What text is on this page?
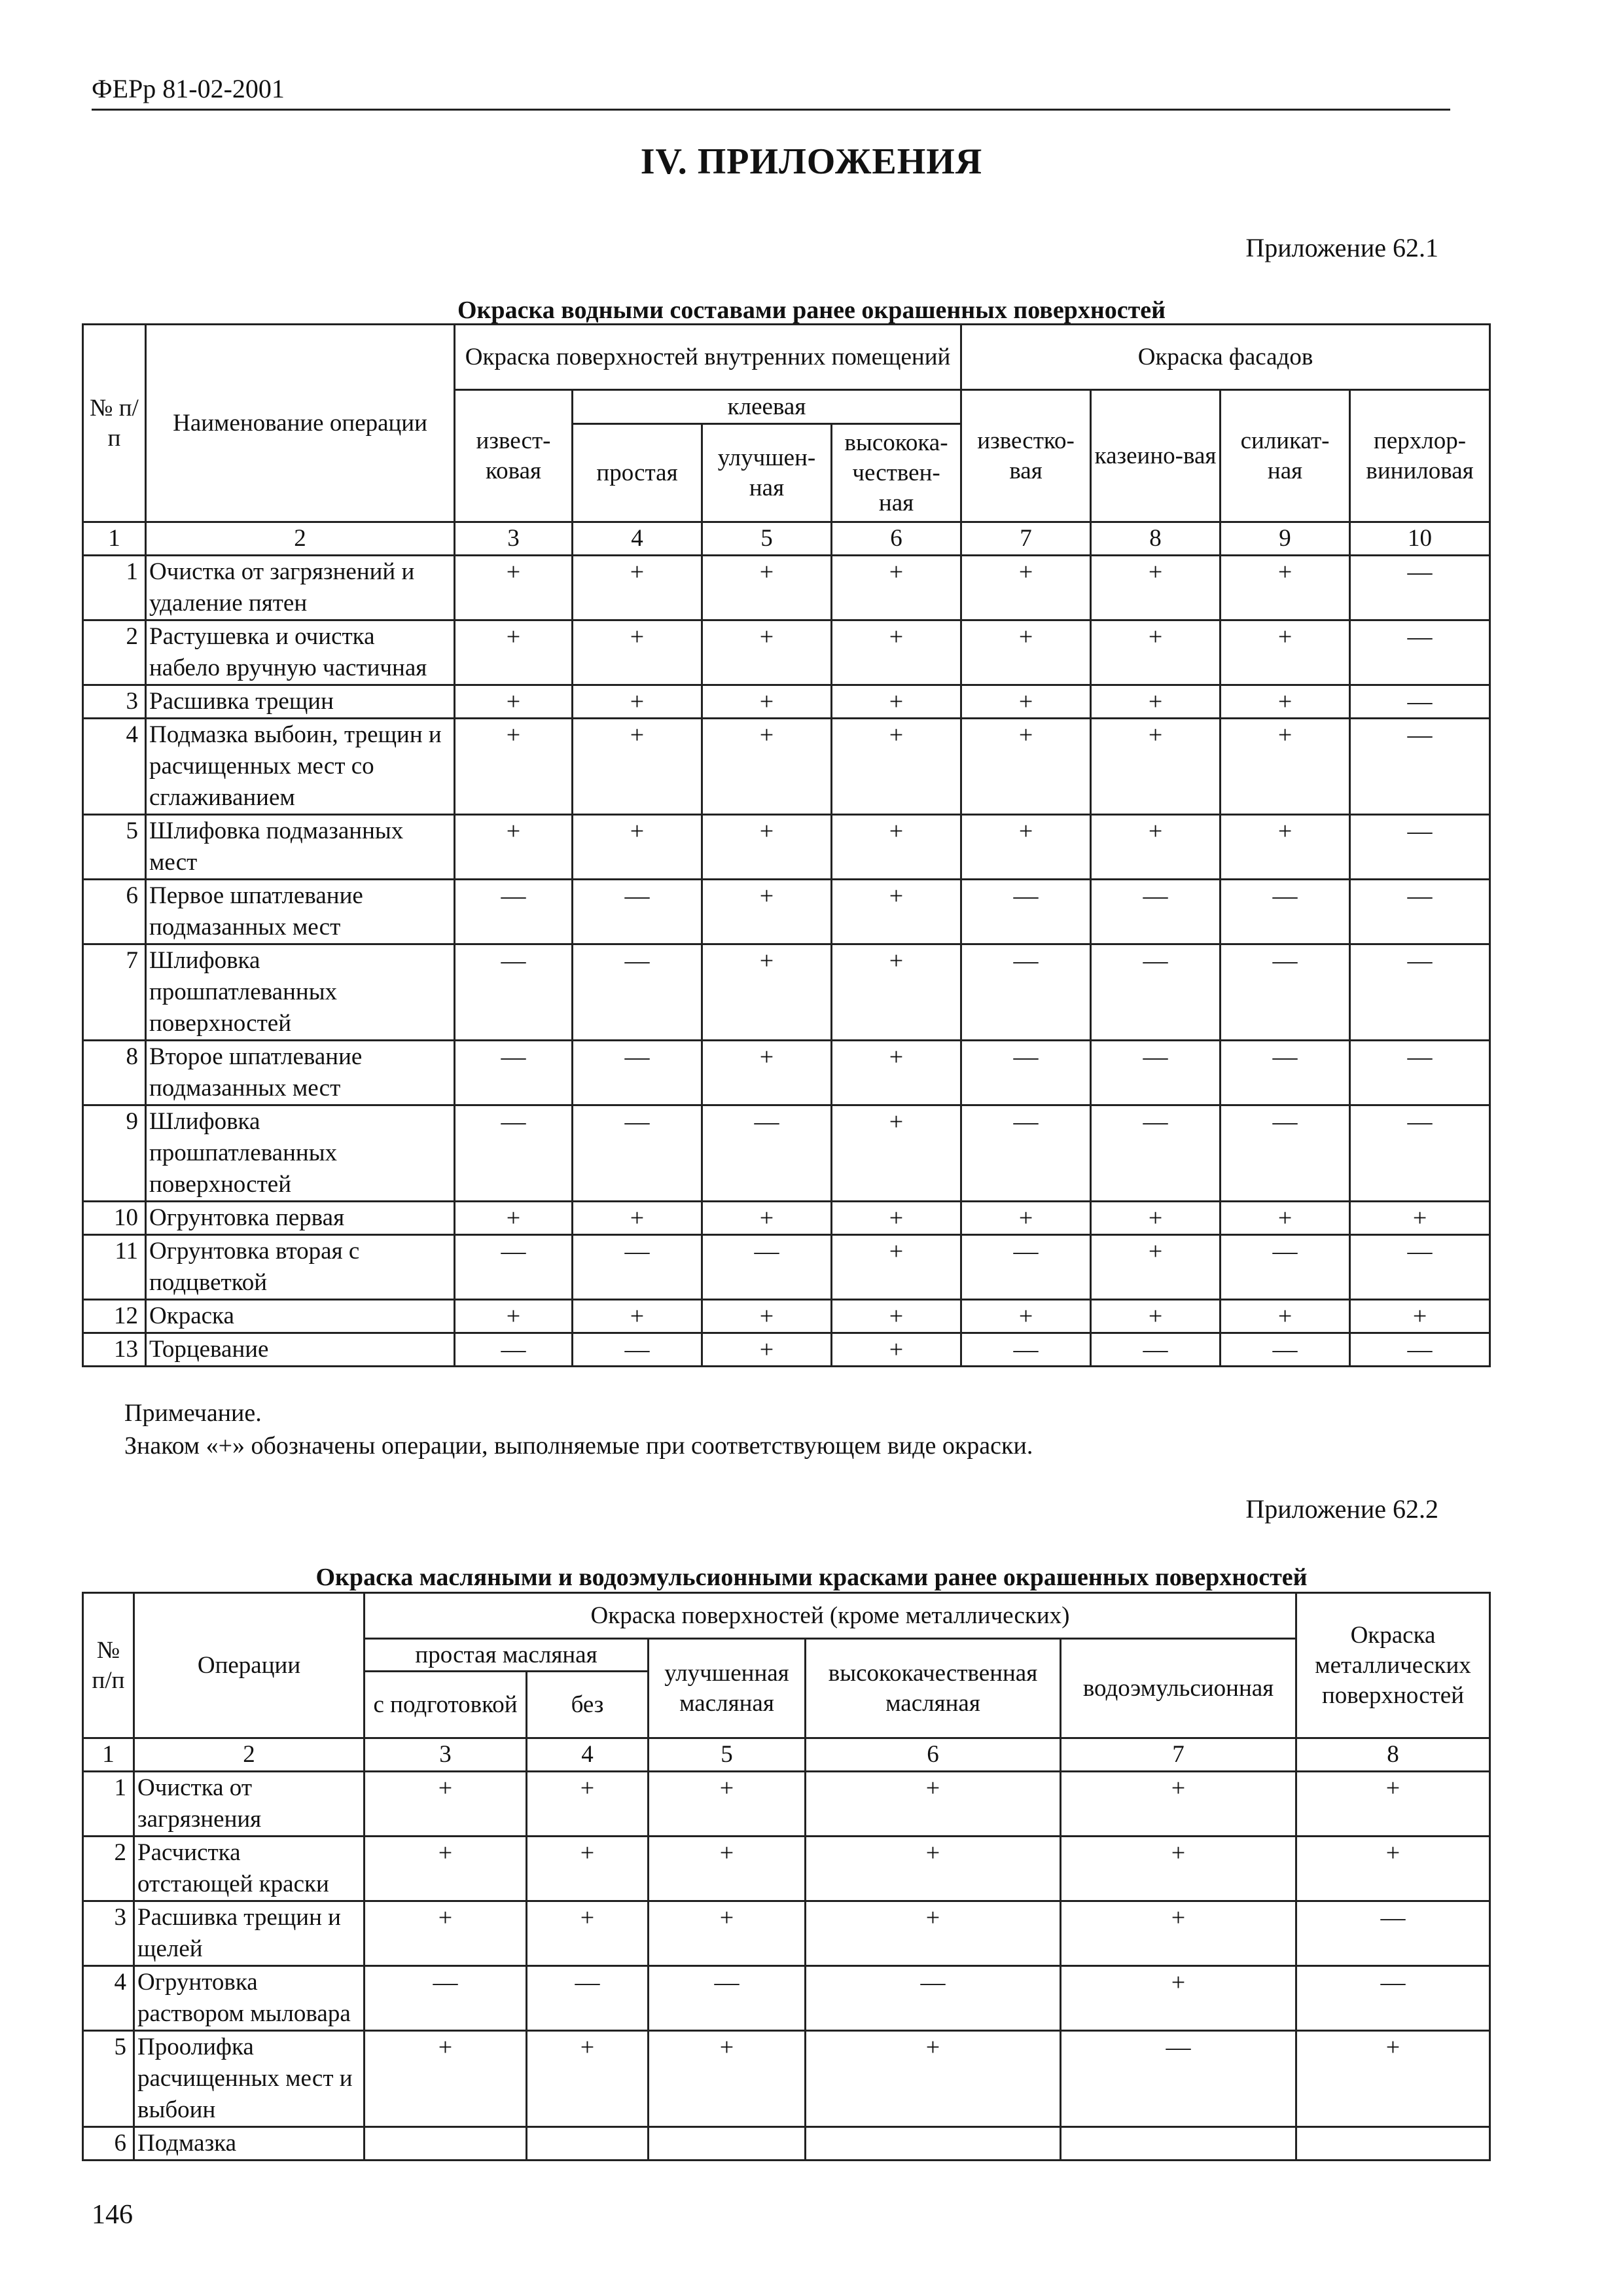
ФЕРр 81-02-2001
IV. ПРИЛОЖЕНИЯ
Приложение 62.1
Окраска водными составами ранее окрашенных поверхностей
№ п/п	Наименование операции	Окраска поверхностей внутренних помещений				Окраска фасадов			
		извест-ковая	клеевая			известко-вая	казеино-вая	силикат-ная	перхлор-виниловая
			простая	улучшен-ная	высокока-чествен-ная				
1	2	3	4	5	6	7	8	9	10
1	Очистка от загрязнений и удаление пятен	+	+	+	+	+	+	+	—
2	Растушевка и очистка набело вручную частичная	+	+	+	+	+	+	+	—
3	Расшивка трещин	+	+	+	+	+	+	+	—
4	Подмазка выбоин, трещин и расчищенных мест со сглаживанием	+	+	+	+	+	+	+	—
5	Шлифовка подмазанных мест	+	+	+	+	+	+	+	—
6	Первое шпатлевание подмазанных мест	—	—	+	+	—	—	—	—
7	Шлифовка прошпатлеванных поверхностей	—	—	+	+	—	—	—	—
8	Второе шпатлевание подмазанных мест	—	—	+	+	—	—	—	—
9	Шлифовка прошпатлеванных поверхностей	—	—	—	+	—	—	—	—
10	Огрунтовка первая	+	+	+	+	+	+	+	+
11	Огрунтовка вторая с подцветкой	—	—	—	+	—	+	—	—
12	Окраска	+	+	+	+	+	+	+	+
13	Торцевание	—	—	+	+	—	—	—	—
Примечание.
Знаком «+» обозначены операции, выполняемые при соответствующем виде окраски.
Приложение 62.2
Окраска масляными и водоэмульсионными красками ранее окрашенных поверхностей
№ п/п	Операции	Окраска поверхностей (кроме металлических)					Окраска металлических поверхностей
		простая масляная		улучшенная масляная	высококачественная масляная	водоэмульсионная	
		с подготовкой	без				
1	2	3	4	5	6	7	8
1	Очистка от загрязнения	+	+	+	+	+	+
2	Расчистка отстающей краски	+	+	+	+	+	+
3	Расшивка трещин и щелей	+	+	+	+	+	—
4	Огрунтовка раствором мыловара	—	—	—	—	+	—
5	Проолифка расчищенных мест и выбоин	+	+	+	+	—	+
6	Подмазка						
146
